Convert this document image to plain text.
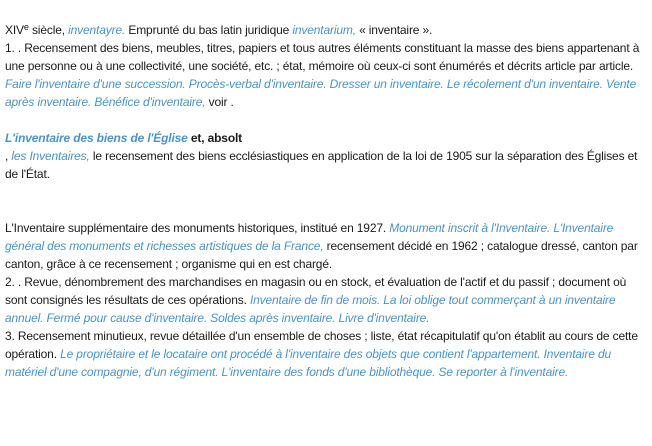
XIVe siècle, inventayre. Emprunté du bas latin juridique inventarium, « inventaire ».

1. . Recensement des biens, meubles, titres, papiers et tous autres éléments constituant la masse des biens appartenant à une personne ou à une collectivité, une société, etc. ; état, mémoire où ceux-ci sont énumérés et décrits article par article. Faire l'inventaire d'une succession. Procès-verbal d'inventaire. Dresser un inventaire. Le récolement d'un inventaire. Vente après inventaire. Bénéfice d'inventaire, voir .

L'inventaire des biens de l'Église et, absolt

, les Inventaires, le recensement des biens ecclésiastiques en application de la loi de 1905 sur la séparation des Églises et de l'État.

L'Inventaire supplémentaire des monuments historiques, institué en 1927. Monument inscrit à l'Inventaire. L'Inventaire général des monuments et richesses artistiques de la France, recensement décidé en 1962 ; catalogue dressé, canton par canton, grâce à ce recensement ; organisme qui en est chargé.

2. . Revue, dénombrement des marchandises en magasin ou en stock, et évaluation de l'actif et du passif ; document où sont consignés les résultats de ces opérations. Inventaire de fin de mois. La loi oblige tout commerçant à un inventaire annuel. Fermé pour cause d'inventaire. Soldes après inventaire. Livre d'inventaire.

3. Recensement minutieux, revue détaillée d'un ensemble de choses ; liste, état récapitulatif qu'on établit au cours de cette opération. Le propriétaire et le locataire ont procédé à l'inventaire des objets que contient l'appartement. Inventaire du matériel d'une compagnie, d'un régiment. L'inventaire des fonds d'une bibliothèque. Se reporter à l'inventaire.
